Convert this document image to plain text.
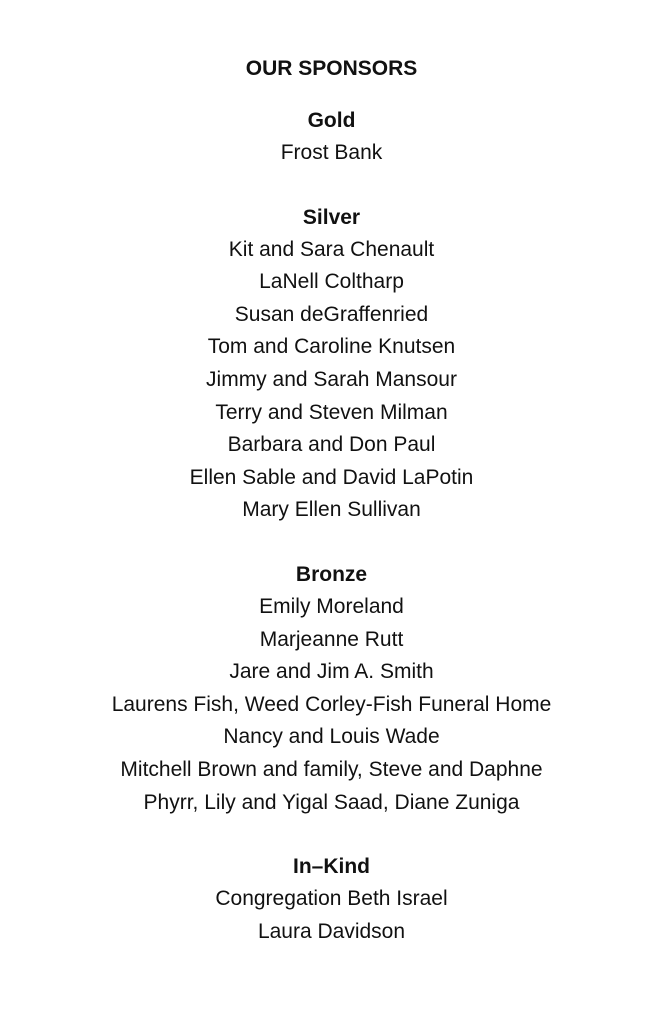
OUR SPONSORS
Gold
Frost Bank
Silver
Kit and Sara Chenault
LaNell Coltharp
Susan deGraffenried
Tom and Caroline Knutsen
Jimmy and Sarah Mansour
Terry and Steven Milman
Barbara and Don Paul
Ellen Sable and David LaPotin
Mary Ellen Sullivan
Bronze
Emily Moreland
Marjeanne Rutt
Jare and Jim A. Smith
Laurens Fish, Weed Corley-Fish Funeral Home
Nancy and Louis Wade
Mitchell Brown and family, Steve and Daphne
Phyrr, Lily and Yigal Saad, Diane Zuniga
In–Kind
Congregation Beth Israel
Laura Davidson
